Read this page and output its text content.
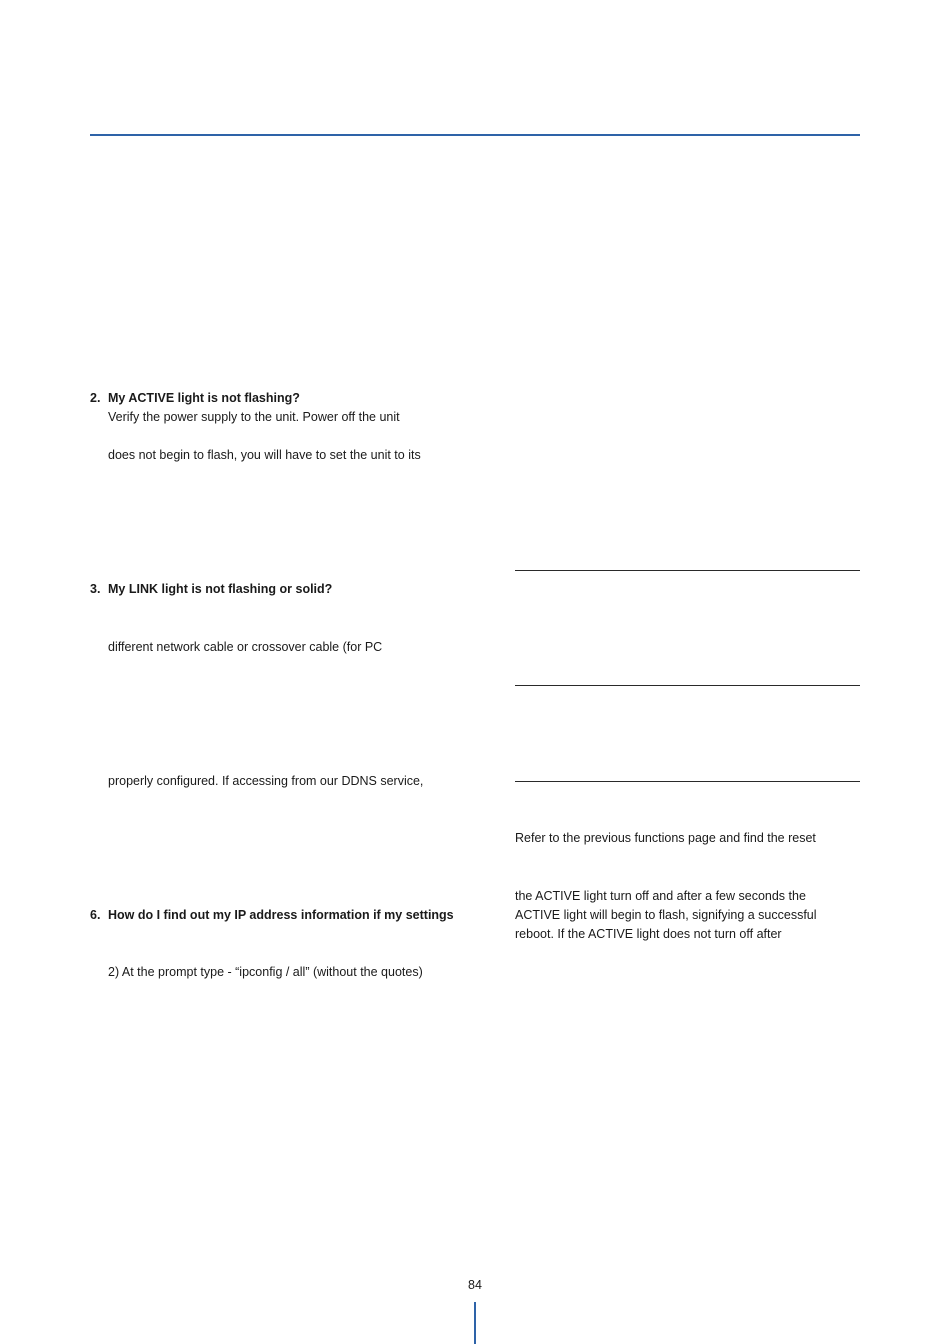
2. My ACTIVE light is not flashing?
Verify the power supply to the unit. Power off the unit
does not begin to flash, you will have to set the unit to its
3. My LINK light is not flashing or solid?
different network cable or crossover cable (for PC
properly configured. If accessing from our DDNS service,
6. How do I find out my IP address information if my settings
2) At the prompt type - “ipconfig / all” (without the quotes)
Refer to the previous functions page and find the reset
the ACTIVE light turn off and after a few seconds the
ACTIVE light will begin to flash, signifying a successful
reboot. If the ACTIVE light does not turn off after
84
